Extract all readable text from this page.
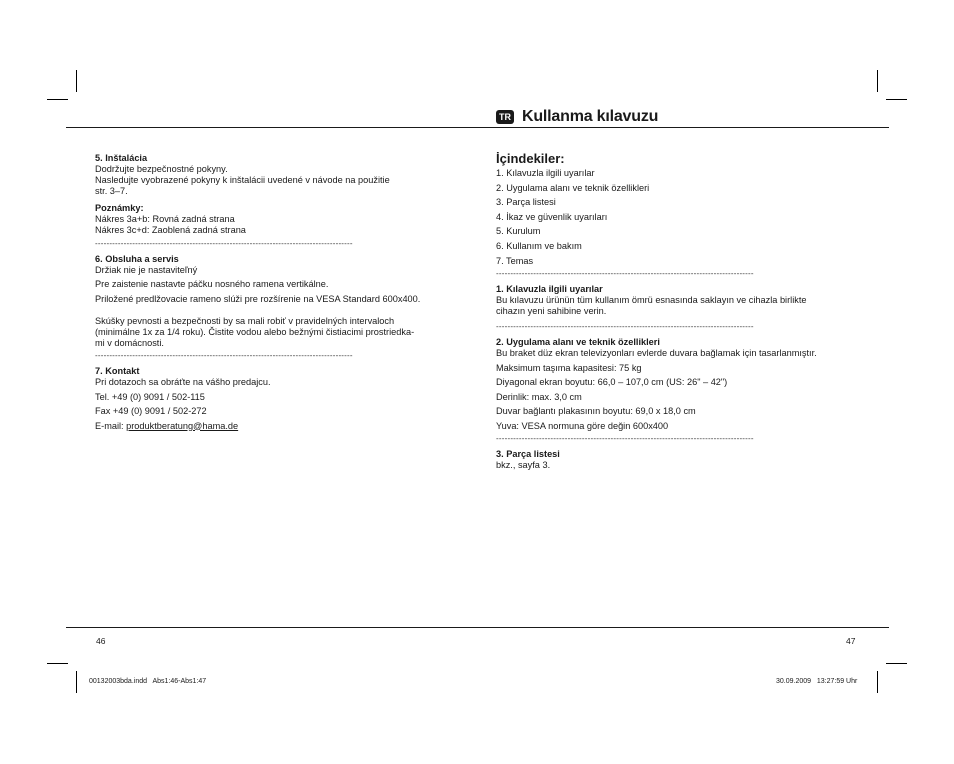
TR Kullanma kılavuzu

5. Inštalácia

Dodržujte bezpečnostné pokyny.

Nasledujte vyobrazené pokyny k inštalácii uvedené v návode na použitie

str. 3–7.

Poznámky:

Nákres 3a+b: Rovná zadná strana

Nákres 3c+d: Zaoblená zadná strana

------------------------------------------------------------------------------------------

6. Obsluha a servis

Držiak nie je nastaviteľný

Pre zaistenie nastavte páčku nosného ramena vertikálne.

Priložené predlžovacie rameno slúži pre rozšírenie na VESA Standard 600x400.

Skúšky pevnosti a bezpečnosti by sa mali robiť v pravidelných intervaloch

(minimálne 1x za 1/4 roku). Čistite vodou alebo bežnými čistiacimi prostriedka-

mi v domácnosti.

------------------------------------------------------------------------------------------

7. Kontakt

Pri dotazoch sa obráťte na vášho predajcu.

Tel. +49 (0) 9091 / 502-115

Fax +49 (0) 9091 / 502-272

E-mail: produktberatung@hama.de

İçindekiler:

1. Kılavuzla ilgili uyarılar

2. Uygulama alanı ve teknik özellikleri

3. Parça listesi

4. İkaz ve güvenlik uyarıları

5. Kurulum

6. Kullanım ve bakım

7. Temas

------------------------------------------------------------------------------------------

1. Kılavuzla ilgili uyarılar

Bu kılavuzu ürünün tüm kullanım ömrü esnasında saklayın ve cihazla birlikte

cihazın yeni sahibine verin.

------------------------------------------------------------------------------------------

2. Uygulama alanı ve teknik özellikleri

Bu braket düz ekran televizyonları evlerde duvara bağlamak için tasarlanmıştır.

Maksimum taşıma kapasitesi: 75 kg

Diyagonal ekran boyutu: 66,0 – 107,0 cm (US: 26" – 42")

Derinlik: max. 3,0 cm

Duvar bağlantı plakasının boyutu: 69,0 x 18,0 cm

Yuva: VESA normuna göre değin 600x400

------------------------------------------------------------------------------------------

3. Parça listesi

bkz., sayfa 3.

46	47
00132003bda.indd   Abs1:46-Abs1:47	30.09.2009   13:27:59 Uhr
